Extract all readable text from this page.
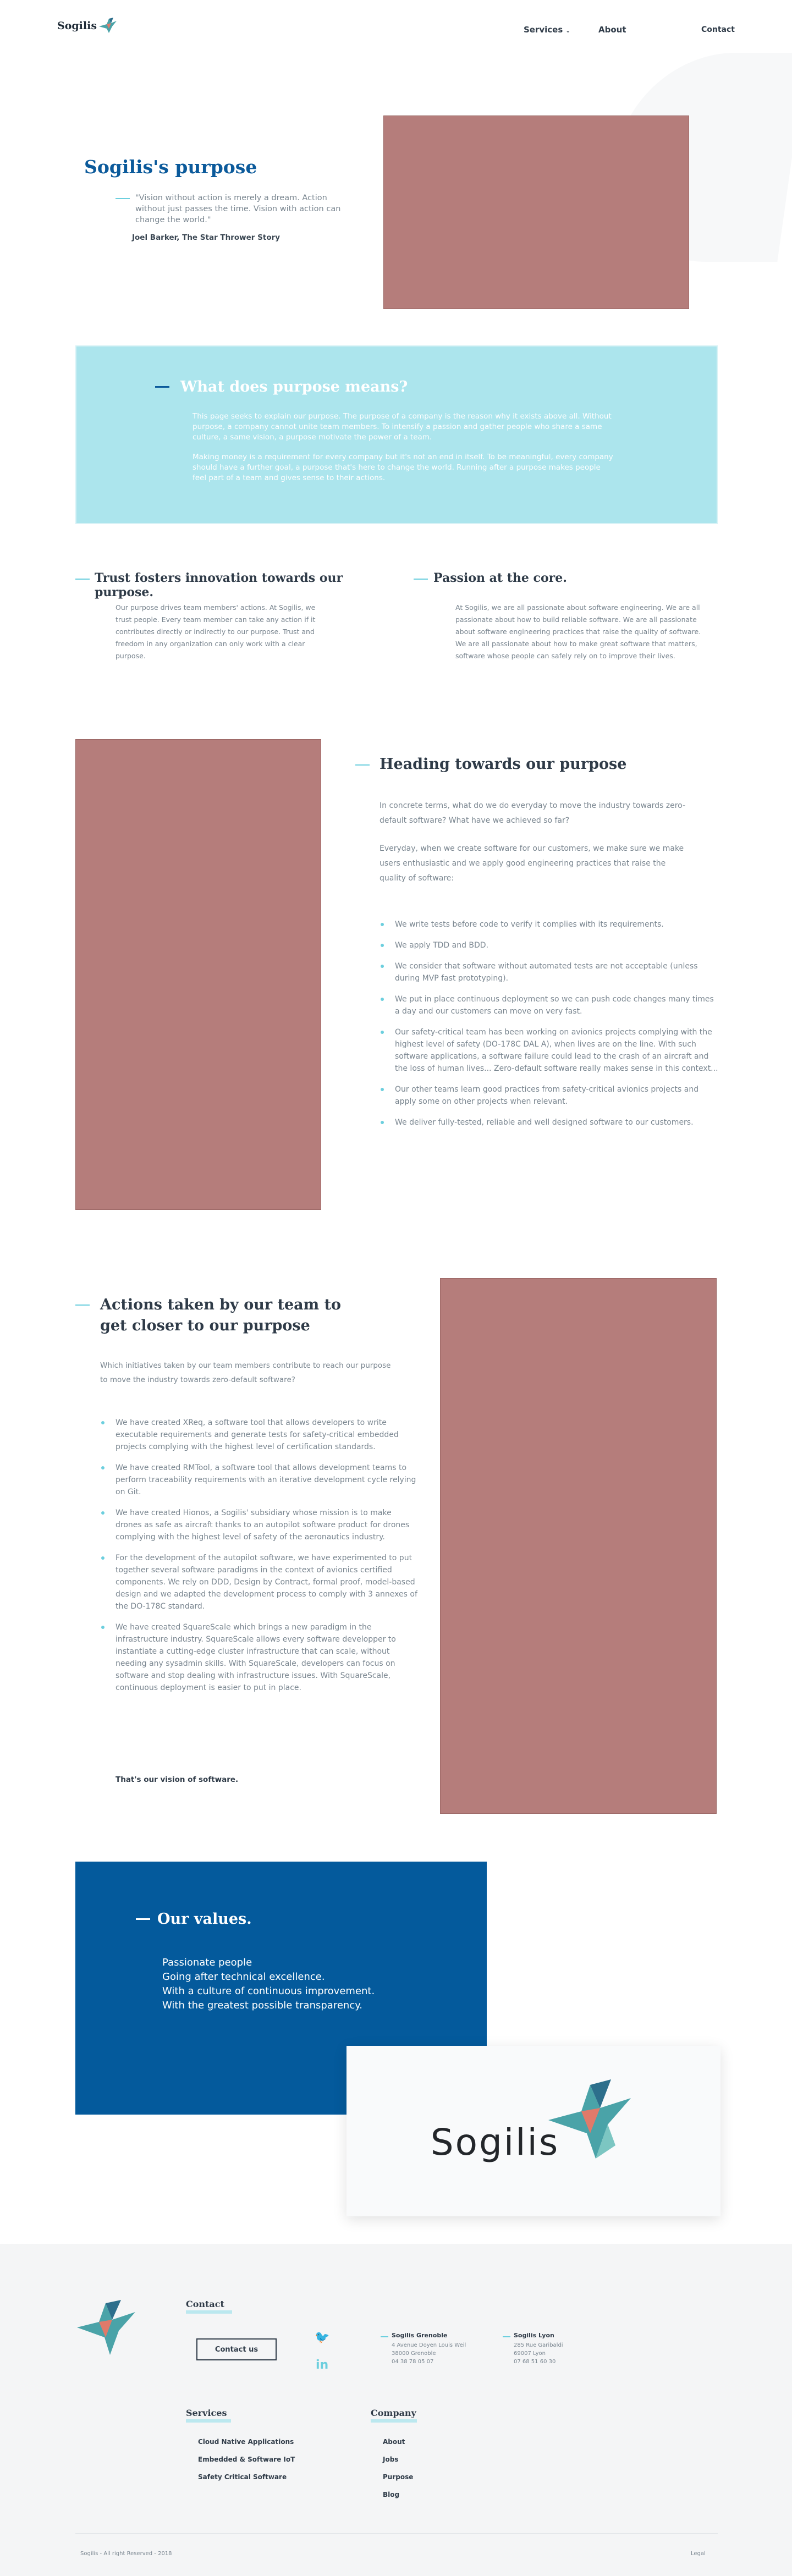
Sogilis	Services ⌄	About	Contact
Sogilis's purpose

"Vision without action is merely a dream. Action without just passes the time. Vision with action can change the world."

Joel Barker, The Star Thrower Story

What does purpose means?

This page seeks to explain our purpose. The purpose of a company is the reason why it exists above all. Without purpose, a company cannot unite team members. To intensify a passion and gather people who share a same culture, a same vision, a purpose motivate the power of a team.

Making money is a requirement for every company but it's not an end in itself. To be meaningful, every company should have a further goal, a purpose that's here to change the world. Running after a purpose makes people feel part of a team and gives sense to their actions.

Trust fosters innovation towards our purpose.

Our purpose drives team members' actions. At Sogilis, we trust people. Every team member can take any action if it contributes directly or indirectly to our purpose. Trust and freedom in any organization can only work with a clear purpose.

Passion at the core.

At Sogilis, we are all passionate about software engineering. We are all passionate about how to build reliable software. We are all passionate about software engineering practices that raise the quality of software. We are all passionate about how to make great software that matters, software whose people can safely rely on to improve their lives.

Heading towards our purpose

In concrete terms, what do we do everyday to move the industry towards zero-default software? What have we achieved so far?

Everyday, when we create software for our customers, we make sure we make users enthusiastic and we apply good engineering practices that raise the quality of software:

We write tests before code to verify it complies with its requirements.
We apply TDD and BDD.
We consider that software without automated tests are not acceptable (unless during MVP fast prototyping).
We put in place continuous deployment so we can push code changes many times a day and our customers can move on very fast.
Our safety-critical team has been working on avionics projects complying with the highest level of safety (DO-178C DAL A), when lives are on the line. With such software applications, a software failure could lead to the crash of an aircraft and the loss of human lives... Zero-default software really makes sense in this context...
Our other teams learn good practices from safety-critical avionics projects and apply some on other projects when relevant.
We deliver fully-tested, reliable and well designed software to our customers.
Actions taken by our team to get closer to our purpose

Which initiatives taken by our team members contribute to reach our purpose to move the industry towards zero-default software?

We have created XReq, a software tool that allows developers to write executable requirements and generate tests for safety-critical embedded projects complying with the highest level of certification standards.
We have created RMTool, a software tool that allows development teams to perform traceability requirements with an iterative development cycle relying on Git.
We have created Hionos, a Sogilis' subsidiary whose mission is to make drones as safe as aircraft thanks to an autopilot software product for drones complying with the highest level of safety of the aeronautics industry.
For the development of the autopilot software, we have experimented to put together several software paradigms in the context of avionics certified components. We rely on DDD, Design by Contract, formal proof, model-based design and we adapted the development process to comply with 3 annexes of the DO-178C standard.
We have created SquareScale which brings a new paradigm in the infrastructure industry. SquareScale allows every software developper to instantiate a cutting-edge cluster infrastructure that can scale, without needing any sysadmin skills. With SquareScale, developers can focus on software and stop dealing with infrastructure issues. With SquareScale, continuous deployment is easier to put in place.

That's our vision of software.

Our values.
Passionate people
Going after technical excellence.
With a culture of continuous improvement.
With the greatest possible transparency.
Sogilis
Contact
Contact us
🐦
in
Sogilis Grenoble
4 Avenue Doyen Louis Weil
38000 Grenoble
04 38 78 05 07
Sogilis Lyon
285 Rue Garibaldi
69007 Lyon
07 68 51 60 30
Services
Cloud Native Applications
Embedded & Software IoT
Safety Critical Software
Company
About
Jobs
Purpose
Blog
Sogilis - All right Reserved - 2018	Legal
